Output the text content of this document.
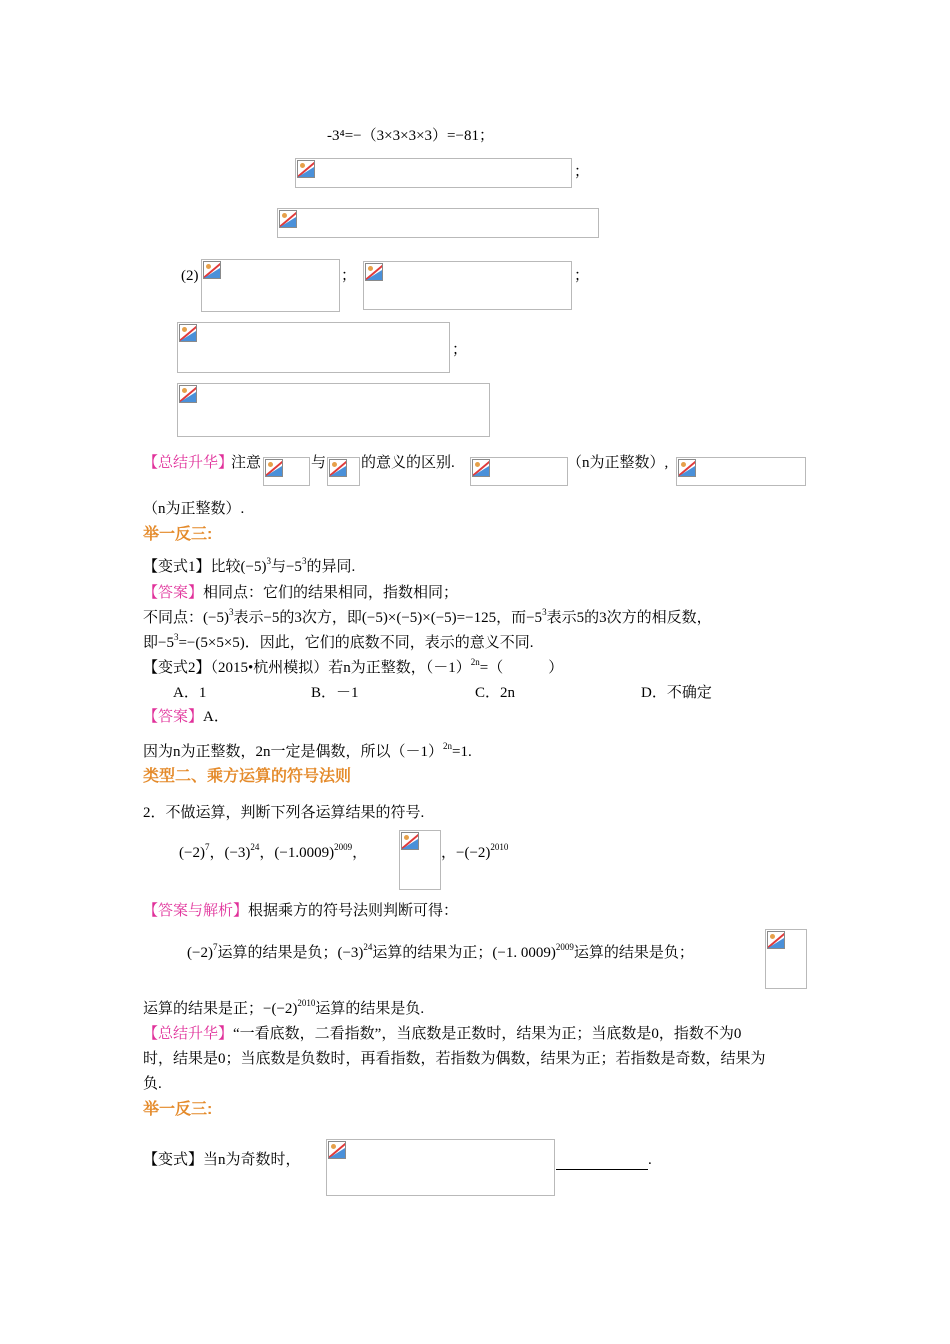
-3⁴=−（3×3×3×3）=−81；
；
(2)	；	；
；
【总结升华】
注意	与 的意义的区别.	（n为正整数）,
（n为正整数）.
举一反三:
【变式1】比较$(-5)^3$与$-5^3$的异同.
【答案】相同点：它们的结果相同，指数相同；
不同点：$(-5)^3$表示−5的3次方，即(−5)×(−5)×(−5)=−125，而$-5^3$表示5的3次方的相反数，
即$-5^3=-(5\times 5\times 5)$．因此，它们的底数不同，表示的意义不同.
【变式2】（2015•杭州模拟）若n为正整数，$(-1)^{2n}=$（　　　）
A．1	B．－1	C．2n	D．不确定
【答案】A．
因为n为正整数，2n一定是偶数，所以$(-1)^{2n}=1$.
类型二、乘方运算的符号法则
2．不做运算，判断下列各运算结果的符号.
$(-2)^7$，$(-3)^{24}$，$(-1.0009)^{2009}$，	，$-(-2)^{2010}$
【答案与解析】根据乘方的符号法则判断可得：
$(-2)^7$运算的结果是负；$(-3)^{24}$运算的结果为正；(−1. 0009)$^{2009}$运算的结果是负；
运算的结果是正；$-(-2)^{2010}$运算的结果是负.
【总结升华】“一看底数，二看指数”，当底数是正数时，结果为正；当底数是0，指数不为0
时，结果是0；当底数是负数时，再看指数，若指数为偶数，结果为正；若指数是奇数，结果为
负.
举一反三:
【变式】当n为奇数时，	.
